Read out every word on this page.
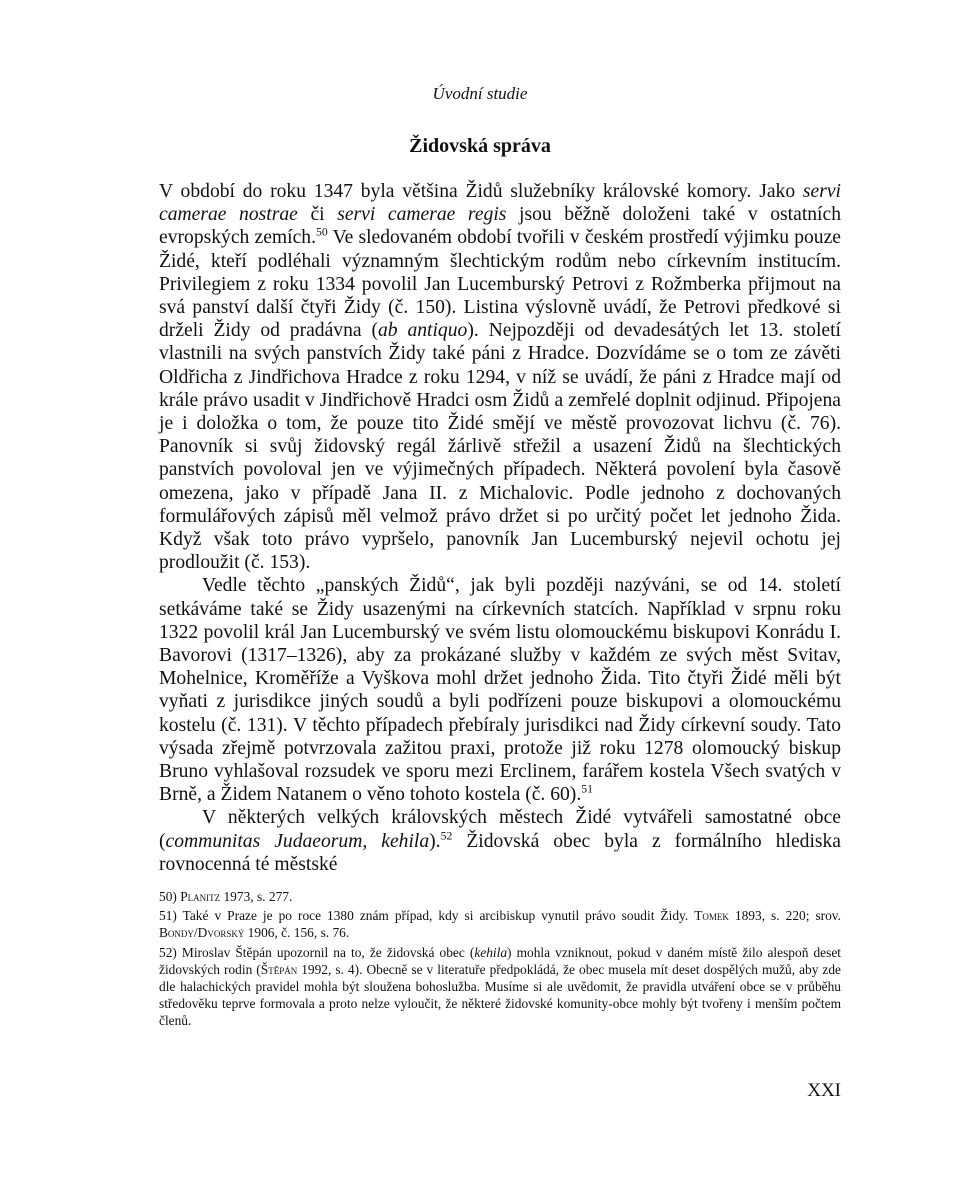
Úvodní studie
Židovská správa

V období do roku 1347 byla většina Židů služebníky královské komory. Jako servi camerae nostrae či servi camerae regis jsou běžně doloženi také v ostatních evropských zemích.$^{50}$ Ve sledovaném období tvořili v českém prostředí výjimku pouze Židé, kteří podléhali významným šlechtickým rodům nebo církevním institucím. Privilegiem z roku 1334 povolil Jan Lucemburský Petrovi z Rožmberka přijmout na svá panství další čtyři Židy (č. 150). Listina výslovně uvádí, že Petrovi předkové si drželi Židy od pradávna (ab antiquo). Nejpozději od devadesátých let 13. století vlastnili na svých panstvích Židy také páni z Hradce. Dozvídáme se o tom ze závěti Oldřicha z Jindřichova Hradce z roku 1294, v níž se uvádí, že páni z Hradce mají od krále právo usadit v Jindřichově Hradci osm Židů a zemřelé doplnit odjinud. Připojena je i doložka o tom, že pouze tito Židé smějí ve městě provozovat lichvu (č. 76). Panovník si svůj židovský regál žárlivě střežil a usazení Židů na šlechtických panstvích povoloval jen ve výjimečných případech. Některá povolení byla časově omezena, jako v případě Jana II. z Michalovic. Podle jednoho z dochovaných formulářových zápisů měl velmož právo držet si po určitý počet let jednoho Žida. Když však toto právo vypršelo, panovník Jan Lucemburský nejevil ochotu jej prodloužit (č. 153).

Vedle těchto „panských Židů“, jak byli později nazýváni, se od 14. století setkáváme také se Židy usazenými na církevních statcích. Například v srpnu roku 1322 povolil král Jan Lucemburský ve svém listu olomouckému biskupovi Konrádu I. Bavorovi (1317–1326), aby za prokázané služby v každém ze svých měst Svitav, Mohelnice, Kroměříže a Vyškova mohl držet jednoho Žida. Tito čtyři Židé měli být vyňati z jurisdikce jiných soudů a byli podřízeni pouze biskupovi a olomouckému kostelu (č. 131). V těchto případech přebíraly jurisdikci nad Židy církevní soudy. Tato výsada zřejmě potvrzovala zažitou praxi, protože již roku 1278 olomoucký biskup Bruno vyhlašoval rozsudek ve sporu mezi Erclinem, farářem kostela Všech svatých v Brně, a Židem Natanem o věno tohoto kostela (č. 60).$^{51}$

V některých velkých královských městech Židé vytvářeli samostatné obce (communitas Judaeorum, kehila).$^{52}$ Židovská obec byla z formálního hlediska rovnocenná té městské

50) Planitz 1973, s. 277.

51) Také v Praze je po roce 1380 znám případ, kdy si arcibiskup vynutil právo soudit Židy. Tomek 1893, s. 220; srov. Bondy/Dvorský 1906, č. 156, s. 76.

52) Miroslav Štěpán upozornil na to, že židovská obec (kehila) mohla vzniknout, pokud v daném místě žilo alespoň deset židovských rodin (Štěpán 1992, s. 4). Obecně se v literatuře předpokládá, že obec musela mít deset dospělých mužů, aby zde dle halachických pravidel mohla být sloužena bohoslužba. Musíme si ale uvědomit, že pravidla utváření obce se v průběhu středověku teprve formovala a proto nelze vyloučit, že některé židovské komunity-obce mohly být tvořeny i menším počtem členů.

XXI
